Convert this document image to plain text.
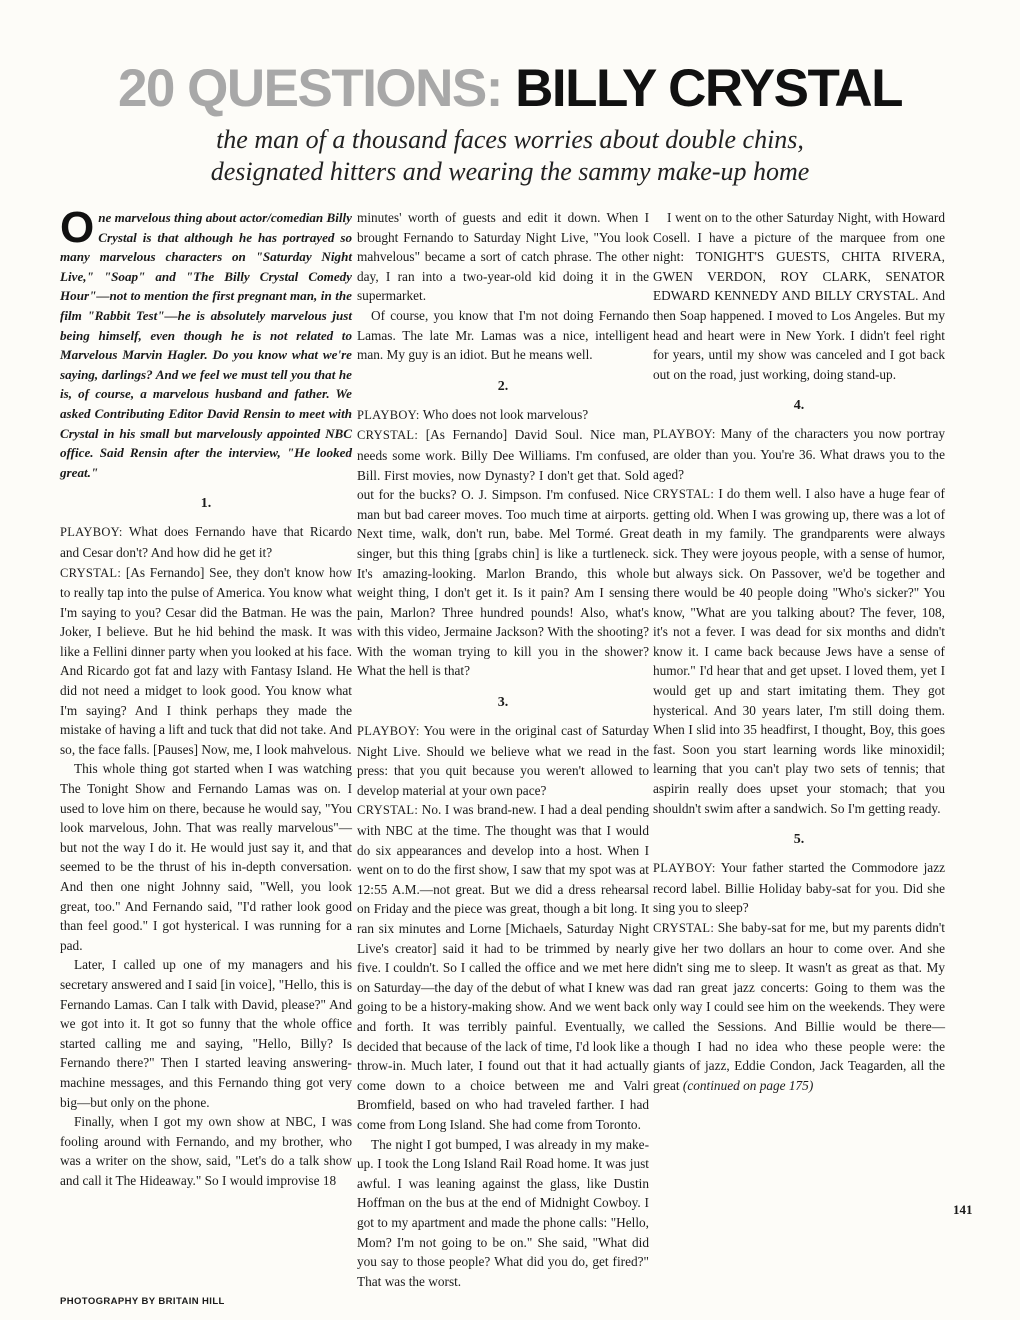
20 QUESTIONS: BILLY CRYSTAL
the man of a thousand faces worries about double chins,
designated hitters and wearing the sammy make-up home

One marvelous thing about actor/comedian Billy Crystal is that although he has portrayed so many marvelous characters on "Saturday Night Live," "Soap" and "The Billy Crystal Comedy Hour"—not to mention the first pregnant man, in the film "Rabbit Test"—he is absolutely marvelous just being himself, even though he is not related to Marvelous Marvin Hagler. Do you know what we're saying, darlings? And we feel we must tell you that he is, of course, a marvelous husband and father. We asked Contributing Editor David Rensin to meet with Crystal in his small but marvelously appointed NBC office. Said Rensin after the interview, "He looked great."

1.

PLAYBOY: What does Fernando have that Ricardo and Cesar don't? And how did he get it?

CRYSTAL: [As Fernando] See, they don't know how to really tap into the pulse of America. You know what I'm saying to you? Cesar did the Batman. He was the Joker, I believe. But he hid behind the mask. It was like a Fellini dinner party when you looked at his face. And Ricardo got fat and lazy with Fantasy Island. He did not need a midget to look good. You know what I'm saying? And I think perhaps they made the mistake of having a lift and tuck that did not take. And so, the face falls. [Pauses] Now, me, I look mahvelous.

This whole thing got started when I was watching The Tonight Show and Fernando Lamas was on. I used to love him on there, because he would say, "You look marvelous, John. That was really marvelous"—but not the way I do it. He would just say it, and that seemed to be the thrust of his in-depth conversation. And then one night Johnny said, "Well, you look great, too." And Fernando said, "I'd rather look good than feel good." I got hysterical. I was running for a pad.

Later, I called up one of my managers and his secretary answered and I said [in voice], "Hello, this is Fernando Lamas. Can I talk with David, please?" And we got into it. It got so funny that the whole office started calling me and saying, "Hello, Billy? Is Fernando there?" Then I started leaving answering-machine messages, and this Fernando thing got very big—but only on the phone.

Finally, when I got my own show at NBC, I was fooling around with Fernando, and my brother, who was a writer on the show, said, "Let's do a talk show and call it The Hideaway." So I would improvise 18

minutes' worth of guests and edit it down. When I brought Fernando to Saturday Night Live, "You look mahvelous" became a sort of catch phrase. The other day, I ran into a two-year-old kid doing it in the supermarket.

Of course, you know that I'm not doing Fernando Lamas. The late Mr. Lamas was a nice, intelligent man. My guy is an idiot. But he means well.

2.

PLAYBOY: Who does not look marvelous?

CRYSTAL: [As Fernando] David Soul. Nice man, needs some work. Billy Dee Williams. I'm confused, Bill. First movies, now Dynasty? I don't get that. Sold out for the bucks? O. J. Simpson. I'm confused. Nice man but bad career moves. Too much time at airports. Next time, walk, don't run, babe. Mel Tormé. Great singer, but this thing [grabs chin] is like a turtleneck. It's amazing-looking. Marlon Brando, this whole weight thing, I don't get it. Is it pain? Am I sensing pain, Marlon? Three hundred pounds! Also, what's with this video, Jermaine Jackson? With the shooting? With the woman trying to kill you in the shower? What the hell is that?

3.

PLAYBOY: You were in the original cast of Saturday Night Live. Should we believe what we read in the press: that you quit because you weren't allowed to develop material at your own pace?

CRYSTAL: No. I was brand-new. I had a deal pending with NBC at the time. The thought was that I would do six appearances and develop into a host. When I went on to do the first show, I saw that my spot was at 12:55 A.M.—not great. But we did a dress rehearsal on Friday and the piece was great, though a bit long. It ran six minutes and Lorne [Michaels, Saturday Night Live's creator] said it had to be trimmed by nearly five. I couldn't. So I called the office and we met here on Saturday—the day of the debut of what I knew was going to be a history-making show. And we went back and forth. It was terribly painful. Eventually, we decided that because of the lack of time, I'd look like a throw-in. Much later, I found out that it had actually come down to a choice between me and Valri Bromfield, based on who had traveled farther. I had come from Long Island. She had come from Toronto.

The night I got bumped, I was already in my make-up. I took the Long Island Rail Road home. It was just awful. I was leaning against the glass, like Dustin Hoffman on the bus at the end of Midnight Cowboy. I got to my apartment and made the phone calls: "Hello, Mom? I'm not going to be on." She said, "What did you say to those people? What did you do, get fired?" That was the worst.

I went on to the other Saturday Night, with Howard Cosell. I have a picture of the marquee from one night: TONIGHT'S GUESTS, CHITA RIVERA, GWEN VERDON, ROY CLARK, SENATOR EDWARD KENNEDY AND BILLY CRYSTAL. And then Soap happened. I moved to Los Angeles. But my head and heart were in New York. I didn't feel right for years, until my show was canceled and I got back out on the road, just working, doing stand-up.

4.

PLAYBOY: Many of the characters you now portray are older than you. You're 36. What draws you to the aged?

CRYSTAL: I do them well. I also have a huge fear of getting old. When I was growing up, there was a lot of death in my family. The grandparents were always sick. They were joyous people, with a sense of humor, but always sick. On Passover, we'd be together and there would be 40 people doing "Who's sicker?" You know, "What are you talking about? The fever, 108, it's not a fever. I was dead for six months and didn't know it. I came back because Jews have a sense of humor." I'd hear that and get upset. I loved them, yet I would get up and start imitating them. They got hysterical. And 30 years later, I'm still doing them. When I slid into 35 headfirst, I thought, Boy, this goes fast. Soon you start learning words like minoxidil; learning that you can't play two sets of tennis; that aspirin really does upset your stomach; that you shouldn't swim after a sandwich. So I'm getting ready.

5.

PLAYBOY: Your father started the Commodore jazz record label. Billie Holiday baby-sat for you. Did she sing you to sleep?

CRYSTAL: She baby-sat for me, but my parents didn't give her two dollars an hour to come over. And she didn't sing me to sleep. It wasn't as great as that. My dad ran great jazz concerts: Going to them was the only way I could see him on the weekends. They were called the Sessions. And Billie would be there—though I had no idea who these people were: the giants of jazz, Eddie Condon, Jack Teagarden, all the great (continued on page 175)

141
PHOTOGRAPHY BY BRITAIN HILL
